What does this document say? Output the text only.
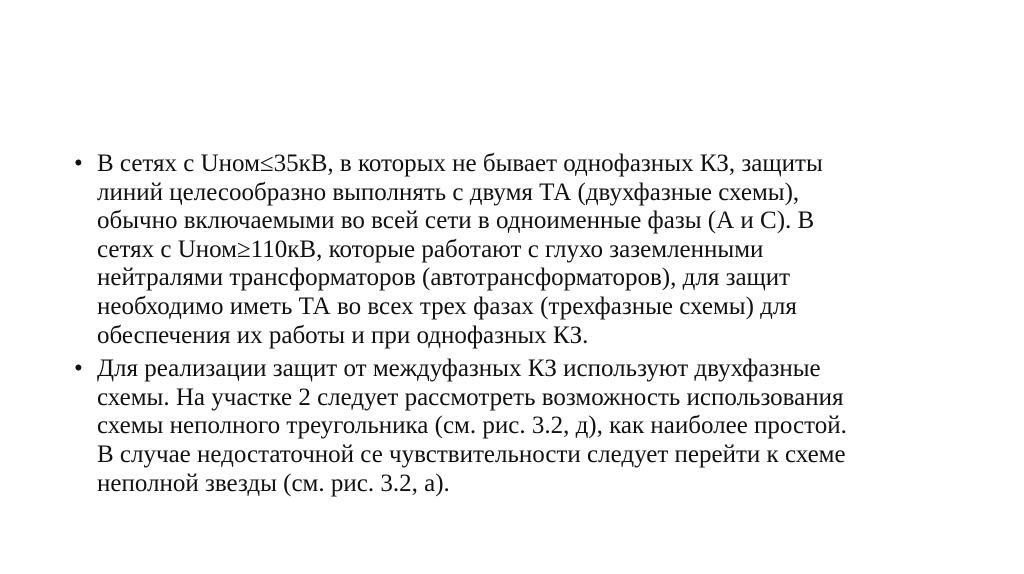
• В сетях с Uном≤35кВ, в которых не бывает однофазных КЗ, защиты
линий целесообразно выполнять с двумя ТА (двухфазные схемы),
обычно включаемыми во всей сети в одноименные фазы (А и С). В
сетях с Uном≥110кВ, которые работают с глухо заземленными
нейтралями трансформаторов (автотрансформаторов), для защит
необходимо иметь ТА во всех трех фазах (трехфазные схемы) для
обеспечения их работы и при однофазных КЗ.
• Для реализации защит от междуфазных КЗ используют двухфазные
схемы. На участке 2 следует рассмотреть возможность использования
схемы неполного треугольника (см. рис. 3.2, д), как наиболее простой.
В случае недостаточной се чувствительности следует перейти к схеме
неполной звезды (см. рис. 3.2, а).
